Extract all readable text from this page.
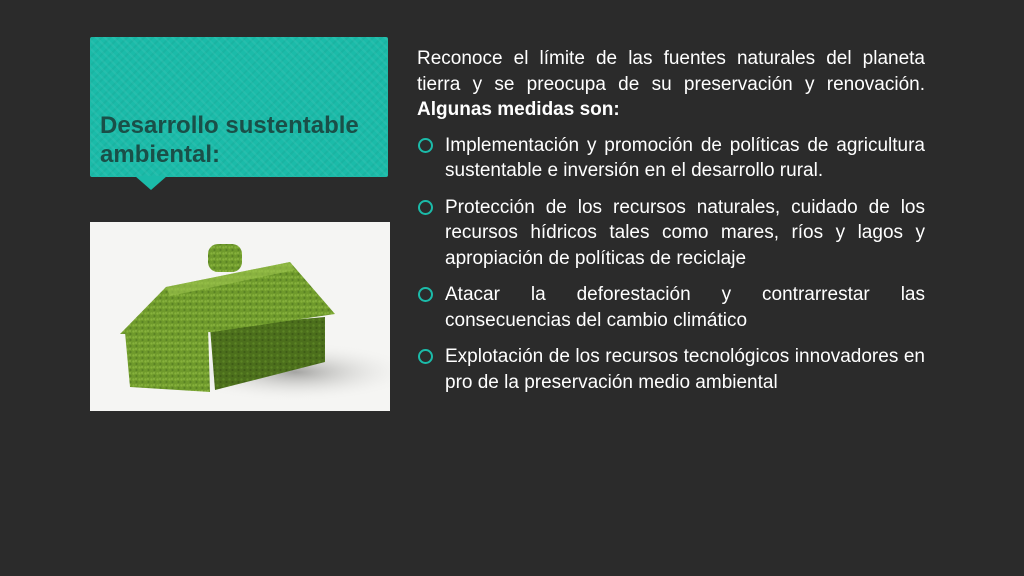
Desarrollo sustentable ambiental:

Reconoce el límite de las fuentes naturales del planeta tierra y se preocupa de su preservación y renovación. Algunas medidas son:

Implementación y promoción de políticas de agricultura sustentable e inversión en el desarrollo rural.
Protección de los recursos naturales, cuidado de los recursos hídricos tales como mares, ríos y lagos y apropiación de políticas de reciclaje
Atacar la deforestación y contrarrestar las consecuencias del cambio climático
Explotación de los recursos tecnológicos innovadores en pro de la preservación medio ambiental
